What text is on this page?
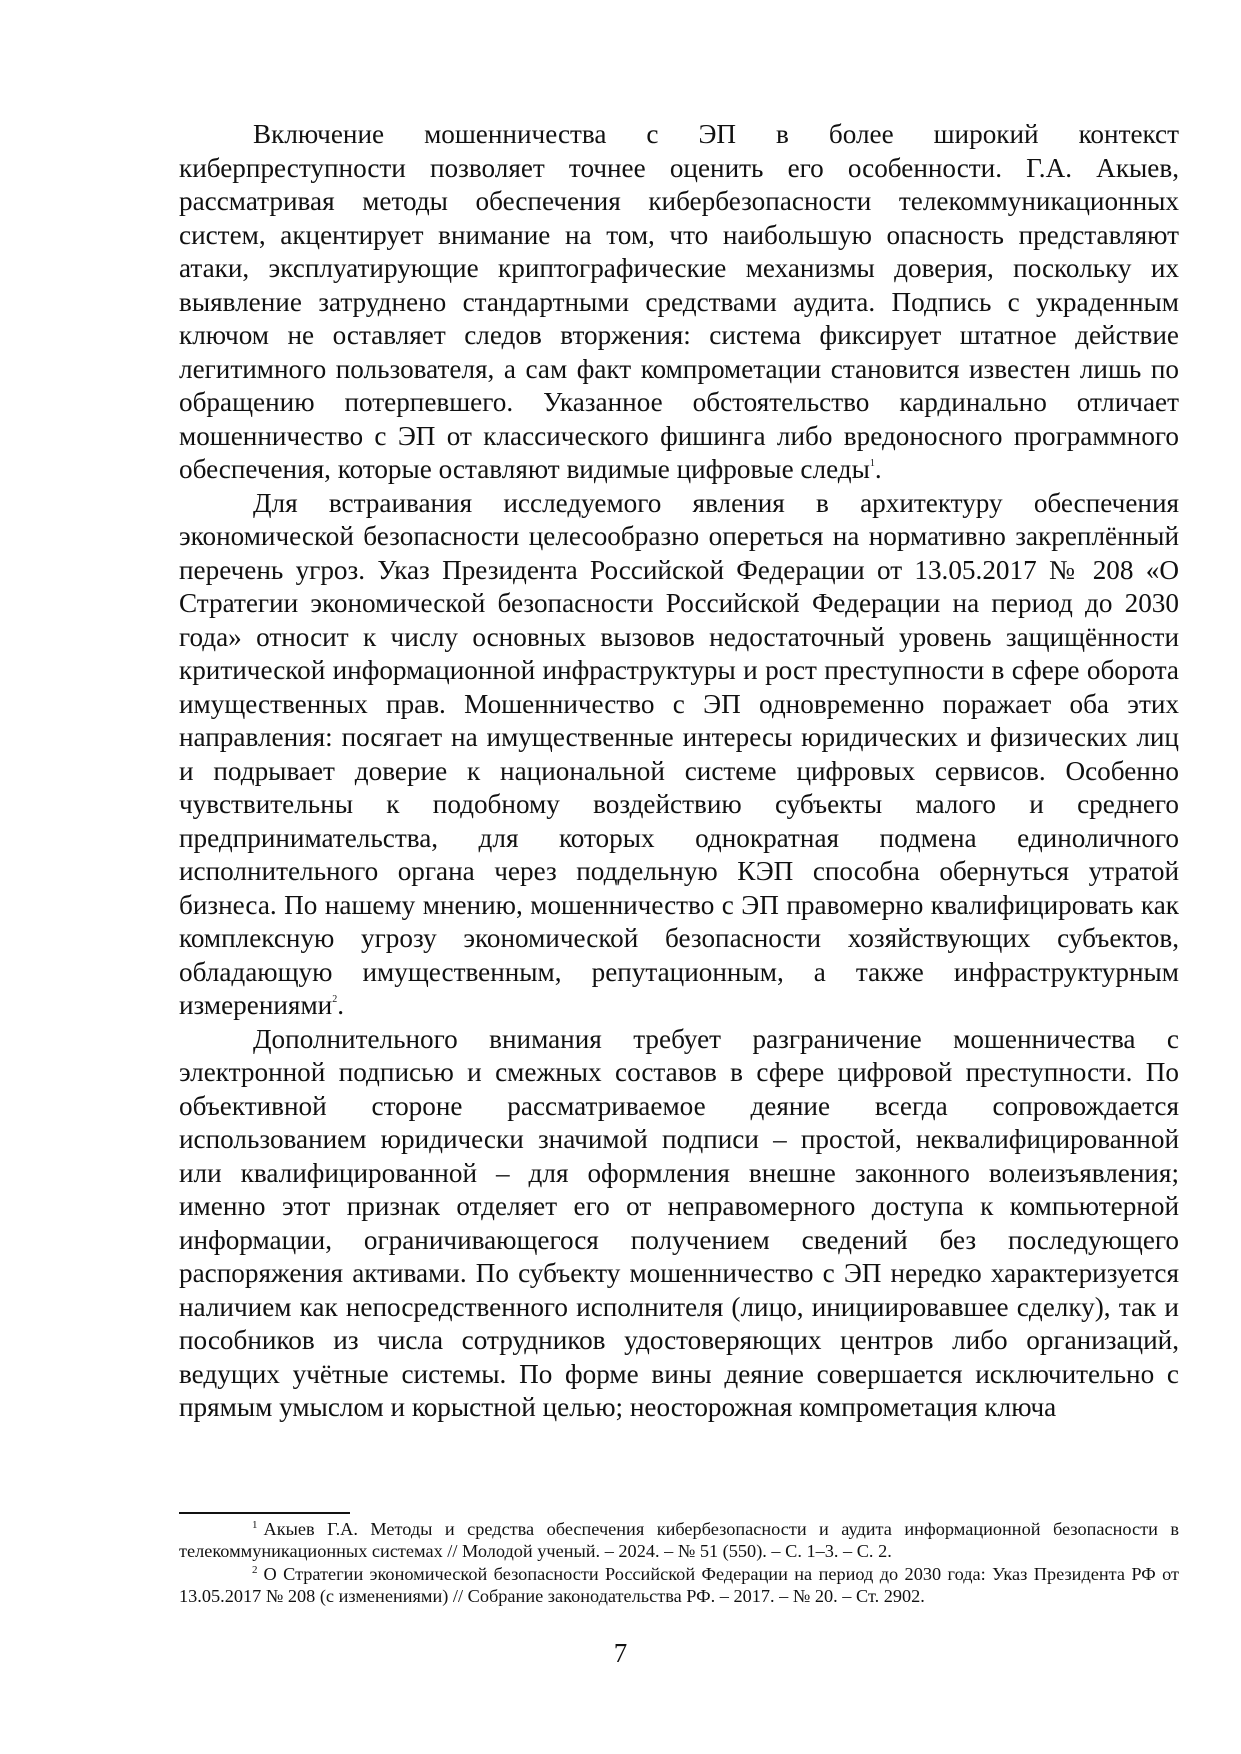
Включение мошенничества с ЭП в более широкий контекст киберпреступности позволяет точнее оценить его особенности. Г.А. Акыев, рассматривая методы обеспечения кибербезопасности телекоммуникационных систем, акцентирует внимание на том, что наибольшую опасность представляют атаки, эксплуатирующие криптографические механизмы доверия, поскольку их выявление затруднено стандартными средствами аудита. Подпись с украденным ключом не оставляет следов вторжения: система фиксирует штатное действие легитимного пользователя, а сам факт компрометации становится известен лишь по обращению потерпевшего. Указанное обстоятельство кардинально отличает мошенничество с ЭП от классического фишинга либо вредоносного программного обеспечения, которые оставляют видимые цифровые следы$^1$.

Для встраивания исследуемого явления в архитектуру обеспечения экономической безопасности целесообразно опереться на нормативно закреплённый перечень угроз. Указ Президента Российской Федерации от 13.05.2017 № 208 «О Стратегии экономической безопасности Российской Федерации на период до 2030 года» относит к числу основных вызовов недостаточный уровень защищённости критической информационной инфраструктуры и рост преступности в сфере оборота имущественных прав. Мошенничество с ЭП одновременно поражает оба этих направления: посягает на имущественные интересы юридических и физических лиц и подрывает доверие к национальной системе цифровых сервисов. Особенно чувствительны к подобному воздействию субъекты малого и среднего предпринимательства, для которых однократная подмена единоличного исполнительного органа через поддельную КЭП способна обернуться утратой бизнеса. По нашему мнению, мошенничество с ЭП правомерно квалифицировать как комплексную угрозу экономической безопасности хозяйствующих субъектов, обладающую имущественным, репутационным, а также инфраструктурным измерениями$^2$.

Дополнительного внимания требует разграничение мошенничества с электронной подписью и смежных составов в сфере цифровой преступности. По объективной стороне рассматриваемое деяние всегда сопровождается использованием юридически значимой подписи – простой, неквалифицированной или квалифицированной – для оформления внешне законного волеизъявления; именно этот признак отделяет его от неправомерного доступа к компьютерной информации, ограничивающегося получением сведений без последующего распоряжения активами. По субъекту мошенничество с ЭП нередко характеризуется наличием как непосредственного исполнителя (лицо, инициировавшее сделку), так и пособников из числа сотрудников удостоверяющих центров либо организаций, ведущих учётные системы. По форме вины деяние совершается исключительно с прямым умыслом и корыстной целью; неосторожная компрометация ключа

$^1$ Акыев Г.А. Методы и средства обеспечения кибербезопасности и аудита информационной безопасности в телекоммуникационных системах // Молодой ученый. – 2024. – № 51 (550). – С. 1–3. – С. 2.

$^2$ О Стратегии экономической безопасности Российской Федерации на период до 2030 года: Указ Президента РФ от 13.05.2017 № 208 (с изменениями) // Собрание законодательства РФ. – 2017. – № 20. – Ст. 2902.

7
